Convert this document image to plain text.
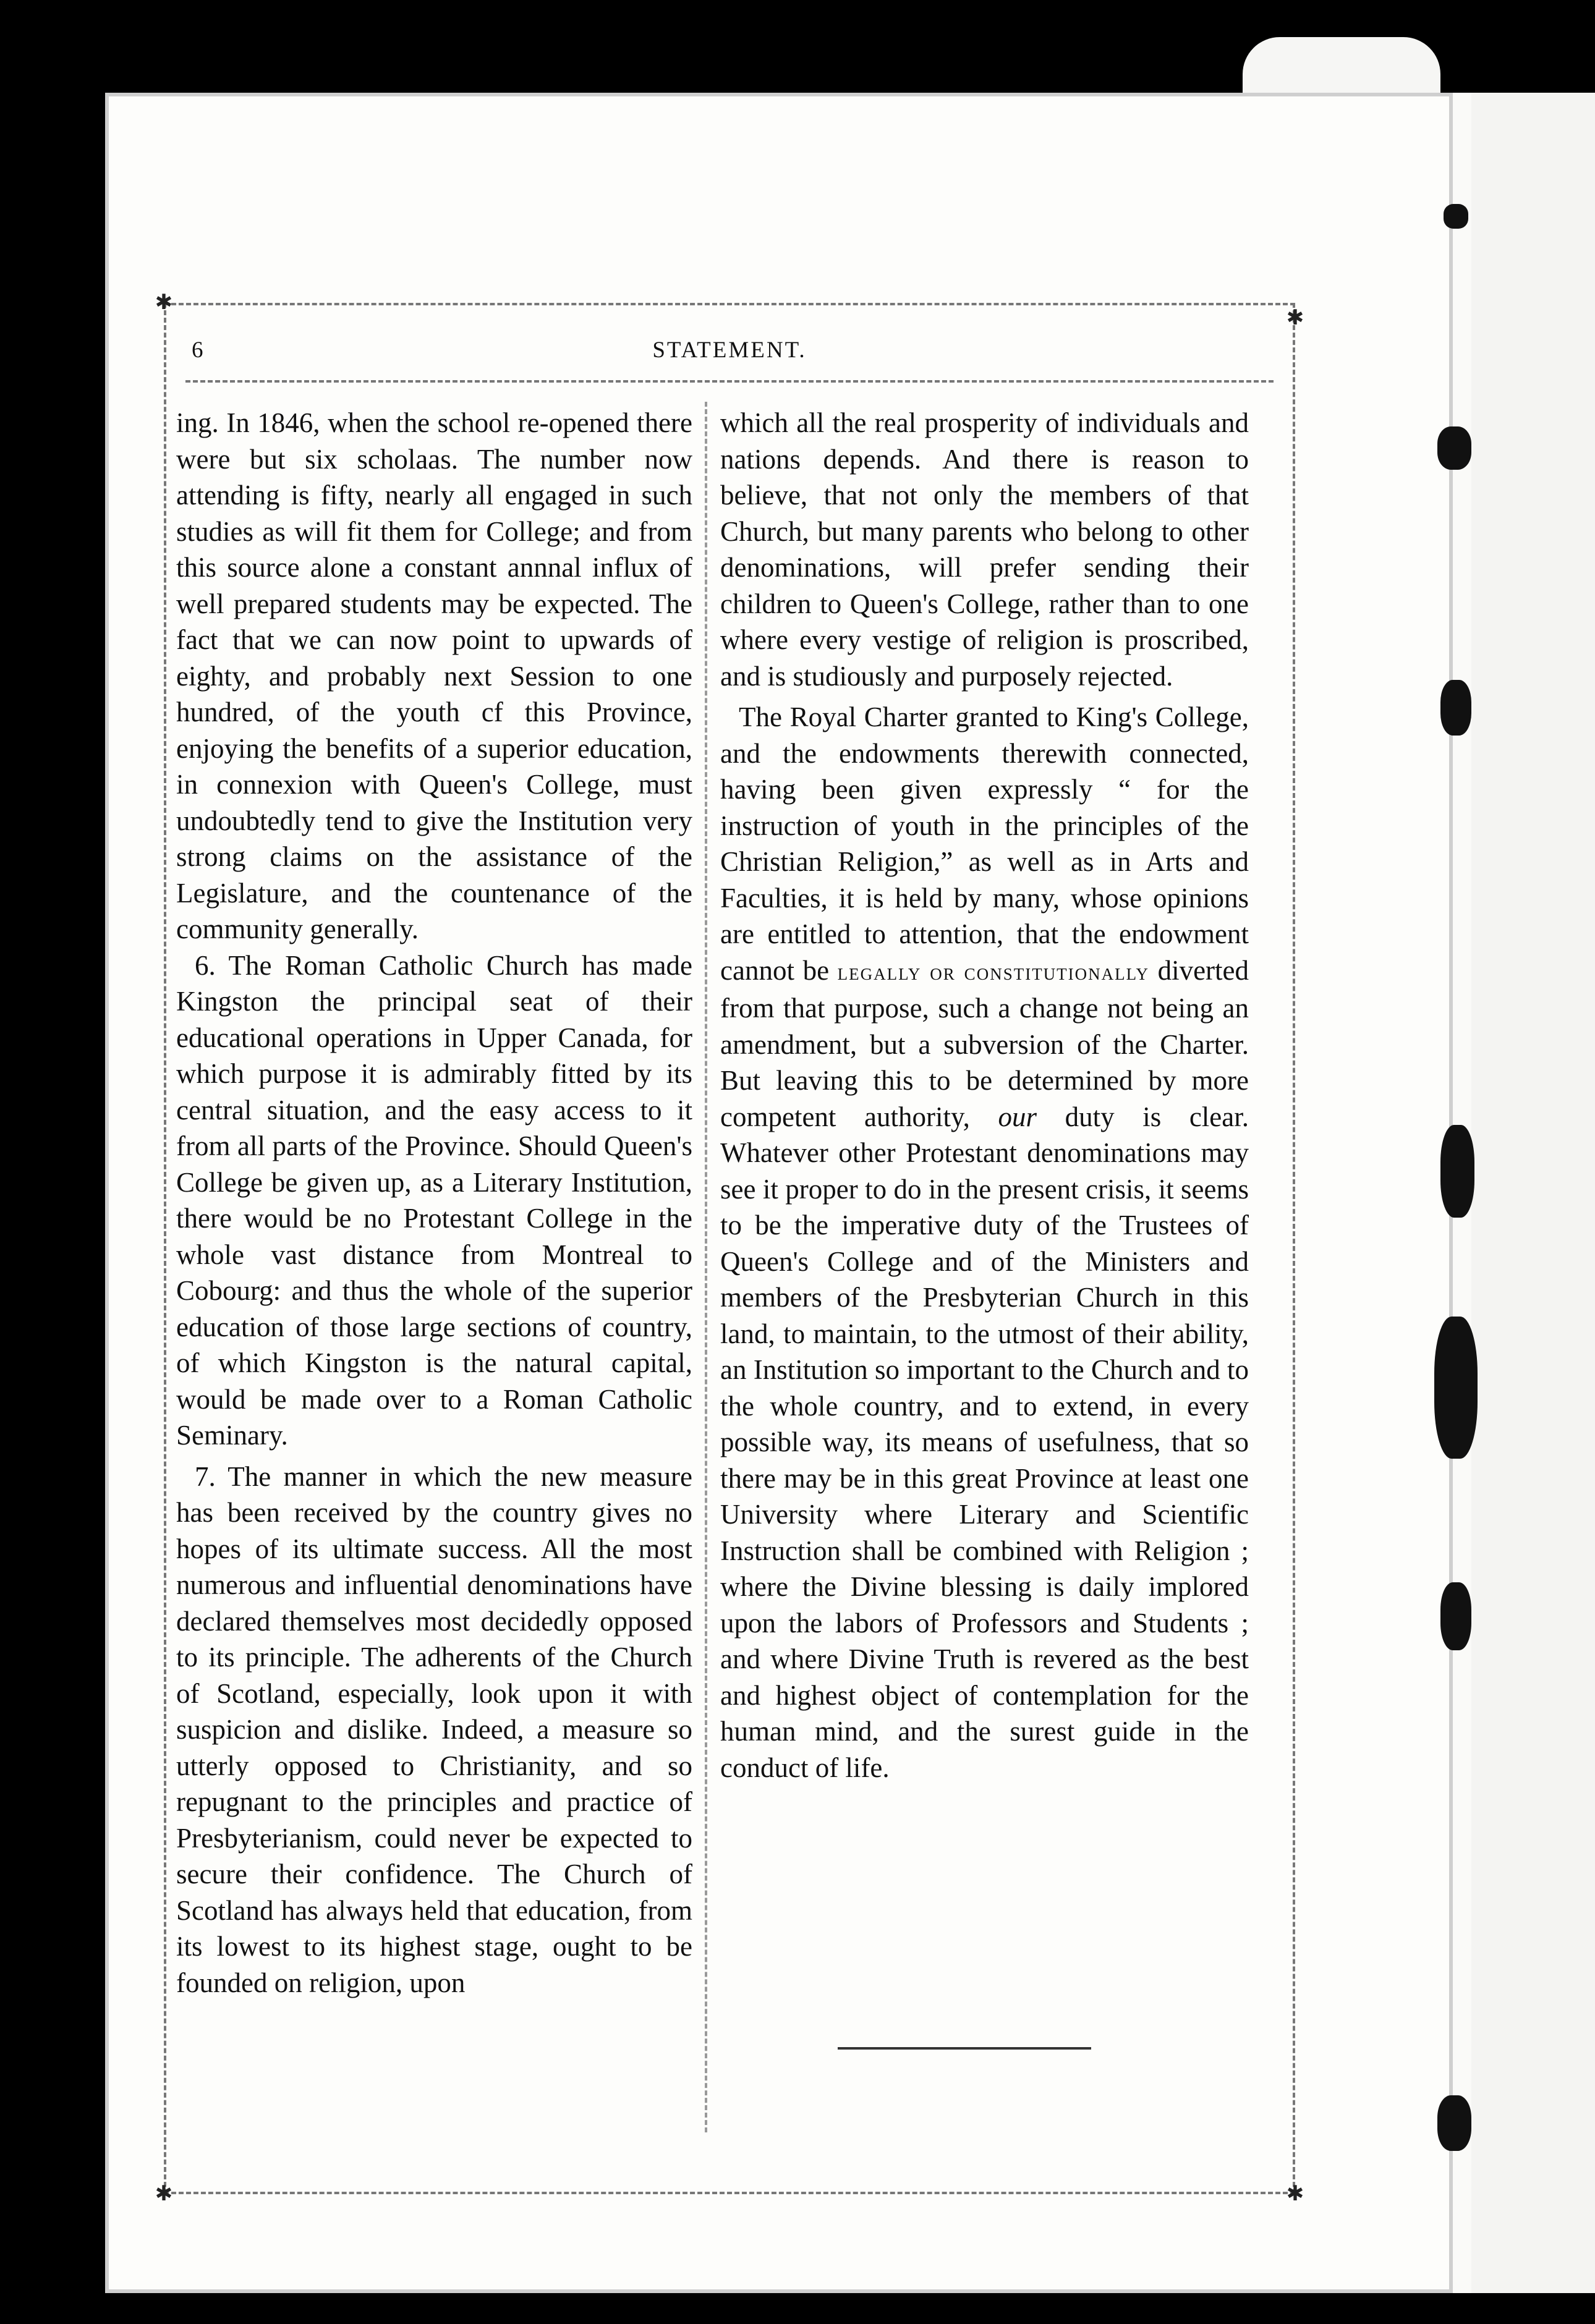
✱
✱
✱	✱
6	STATEMENT.

ing. In 1846, when the school re-opened there were but six scholaas. The number now attending is fifty, nearly all engaged in such studies as will fit them for College; and from this source alone a constant annnal influx of well prepared students may be expected. The fact that we can now point to upwards of eighty, and probably next Session to one hundred, of the youth cf this Province, enjoying the benefits of a superior education, in connexion with Queen's College, must undoubtedly tend to give the Institution very strong claims on the assistance of the Legislature, and the countenance of the community generally.

6. The Roman Catholic Church has made Kingston the principal seat of their educational operations in Upper Canada, for which purpose it is admirably fitted by its central situation, and the easy access to it from all parts of the Province. Should Queen's College be given up, as a Literary Institution, there would be no Protestant College in the whole vast distance from Montreal to Cobourg: and thus the whole of the superior education of those large sections of country, of which Kingston is the natural capital, would be made over to a Roman Catholic Seminary.

7. The manner in which the new measure has been received by the country gives no hopes of its ultimate success. All the most numerous and influential denominations have declared themselves most decidedly opposed to its principle. The adherents of the Church of Scotland, especially, look upon it with suspicion and dislike. Indeed, a measure so utterly opposed to Christianity, and so repugnant to the principles and practice of Presbyterianism, could never be expected to secure their confidence. The Church of Scotland has always held that education, from its lowest to its highest stage, ought to be founded on religion, upon

which all the real prosperity of individuals and nations depends. And there is reason to believe, that not only the members of that Church, but many parents who belong to other denominations, will prefer sending their children to Queen's College, rather than to one where every vestige of religion is proscribed, and is studiously and purposely rejected.

The Royal Charter granted to King's College, and the endowments therewith connected, having been given expressly “ for the instruction of youth in the principles of the Christian Religion,” as well as in Arts and Faculties, it is held by many, whose opinions are entitled to attention, that the endowment cannot be legally or constitutionally diverted from that purpose, such a change not being an amendment, but a subversion of the Charter. But leaving this to be determined by more competent authority, our duty is clear. Whatever other Protestant denominations may see it proper to do in the present crisis, it seems to be the imperative duty of the Trustees of Queen's College and of the Ministers and members of the Presbyterian Church in this land, to maintain, to the utmost of their ability, an Institution so important to the Church and to the whole country, and to extend, in every possible way, its means of usefulness, that so there may be in this great Province at least one University where Literary and Scientific Instruction shall be combined with Religion ; where the Divine blessing is daily implored upon the labors of Professors and Students ; and where Divine Truth is revered as the best and highest object of contemplation for the human mind, and the surest guide in the conduct of life.
